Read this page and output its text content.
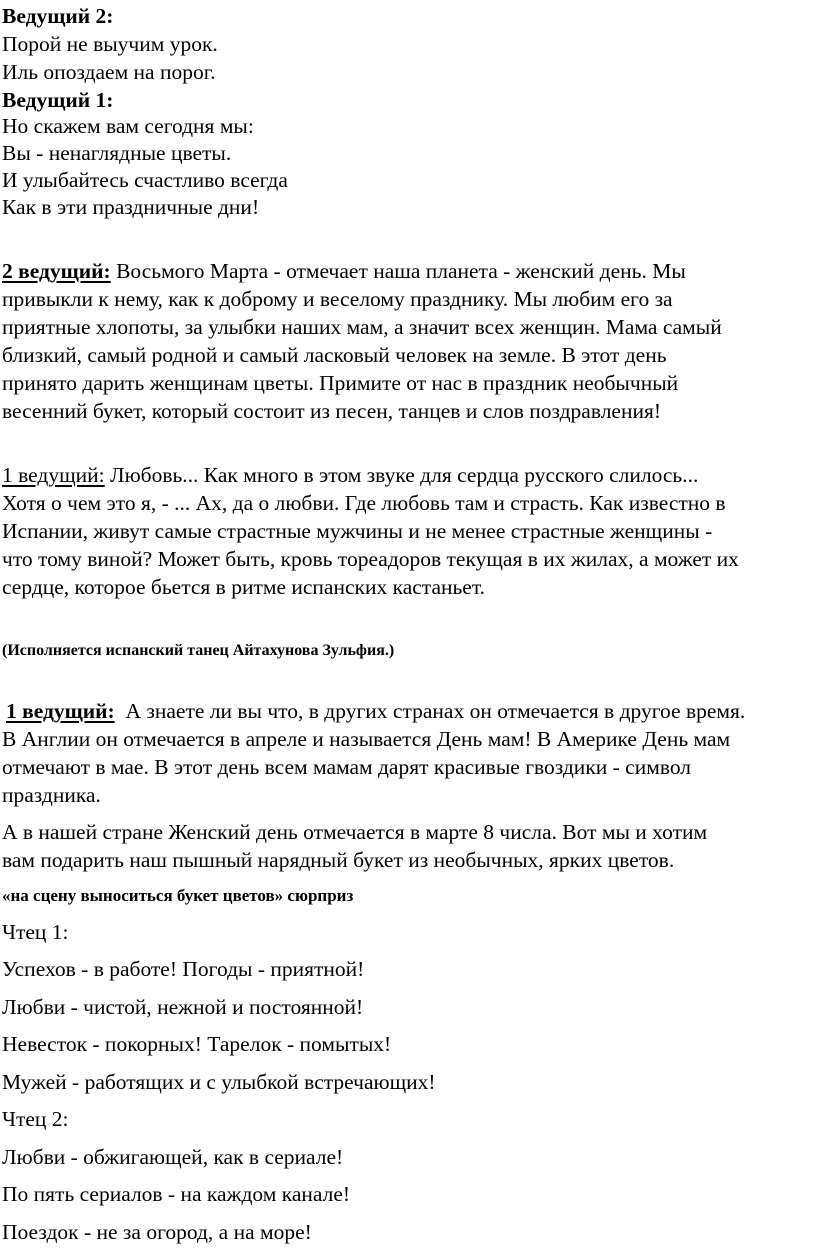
Ведущий 2:
Порой не выучим урок.
Иль опоздаем на порог.
Ведущий 1:
Но скажем вам сегодня мы:
Вы - ненаглядные цветы.
И улыбайтесь счастливо всегда
Как в эти праздничные дни!
2 ведущий: Восьмого Марта - отмечает наша планета - женский день. Мы
привыкли к нему, как к доброму и веселому празднику. Мы любим его за
приятные хлопоты, за улыбки наших мам, а значит всех женщин. Мама самый
близкий, самый родной и самый ласковый человек на земле. В этот день
принято дарить женщинам цветы. Примите от нас в праздник необычный
весенний букет, который состоит из песен, танцев и слов поздравления!
1 ведущий: Любовь... Как много в этом звуке для сердца русского слилось...
Хотя о чем это я, - ... Ах, да о любви. Где любовь там и страсть. Как известно в
Испании, живут самые страстные мужчины и не менее страстные женщины -
что тому виной? Может быть, кровь тореадоров текущая в их жилах, а может их
сердце, которое бьется в ритме испанских кастаньет.
(Исполняется испанский танец Айтахунова Зульфия.)
1 ведущий: А знаете ли вы что, в других странах он отмечается в другое время.
В Англии он отмечается в апреле и называется День мам! В Америке День мам
отмечают в мае. В этот день всем мамам дарят красивые гвоздики - символ
праздника.
А в нашей стране Женский день отмечается в марте 8 числа. Вот мы и хотим
вам подарить наш пышный нарядный букет из необычных, ярких цветов.
«на сцену выноситься букет цветов» сюрприз
Чтец 1:
Успехов - в работе! Погоды - приятной!
Любви - чистой, нежной и постоянной!
Невесток - покорных! Тарелок - помытых!
Мужей - работящих и с улыбкой встречающих!
Чтец 2:
Любви - обжигающей, как в сериале!
По пять сериалов - на каждом канале!
Поездок - не за огород, а на море!
